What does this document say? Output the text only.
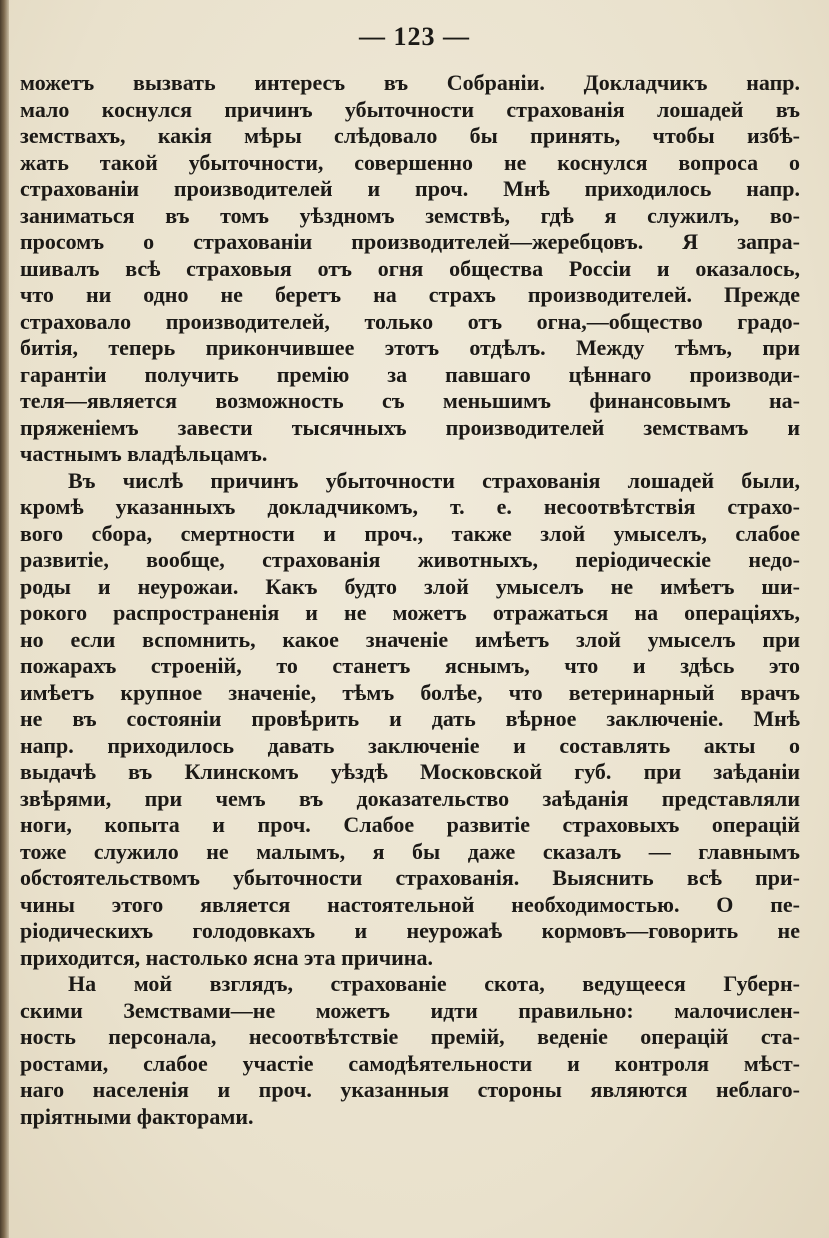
— 123 —
можетъ вызвать интересъ въ Собраніи. Докладчикъ напр.
мало коснулся причинъ убыточности страхованія лошадей въ
земствахъ, какія мѣры слѣдовало бы принять, чтобы избѣ-
жать такой убыточности, совершенно не коснулся вопроса о
страхованіи производителей и проч. Мнѣ приходилось напр.
заниматься въ томъ уѣздномъ земствѣ, гдѣ я служилъ, во-
просомъ о страхованіи производителей—жеребцовъ. Я запра-
шивалъ всѣ страховыя отъ огня общества Россіи и оказалось,
что ни одно не беретъ на страхъ производителей. Прежде
страховало производителей, только отъ огна,—общество градо-
битія, теперь прикончившее этотъ отдѣлъ. Между тѣмъ, при
гарантіи получить премію за павшаго цѣннаго производи-
теля—является возможность съ меньшимъ финансовымъ на-
пряженіемъ завести тысячныхъ производителей земствамъ и
частнымъ владѣльцамъ.
Въ числѣ причинъ убыточности страхованія лошадей были,
кромѣ указанныхъ докладчикомъ, т. е. несоотвѣтствія страхо-
вого сбора, смертности и проч., также злой умыселъ, слабое
развитіе, вообще, страхованія животныхъ, періодическіе недо-
роды и неурожаи. Какъ будто злой умыселъ не имѣетъ ши-
рокого распространенія и не можетъ отражаться на операціяхъ,
но если вспомнить, какое значеніе имѣетъ злой умыселъ при
пожарахъ строеній, то станетъ яснымъ, что и здѣсь это
имѣетъ крупное значеніе, тѣмъ болѣе, что ветеринарный врачъ
не въ состояніи провѣрить и дать вѣрное заключеніе. Мнѣ
напр. приходилось давать заключеніе и составлять акты о
выдачѣ въ Клинскомъ уѣздѣ Московской губ. при заѣданіи
звѣрями, при чемъ въ доказательство заѣданія представляли
ноги, копыта и проч. Слабое развитіе страховыхъ операцій
тоже служило не малымъ, я бы даже сказалъ — главнымъ
обстоятельствомъ убыточности страхованія. Выяснить всѣ при-
чины этого является настоятельной необходимостью. О пе-
ріодическихъ голодовкахъ и неурожаѣ кормовъ—говорить не
приходится, настолько ясна эта причина.
На мой взглядъ, страхованіе скота, ведущееся Губерн-
скими Земствами—не можетъ идти правильно: малочислен-
ность персонала, несоотвѣтствіе премій, веденіе операцій ста-
ростами, слабое участіе самодѣятельности и контроля мѣст-
наго населенія и проч. указанныя стороны являются неблаго-
пріятными факторами.
